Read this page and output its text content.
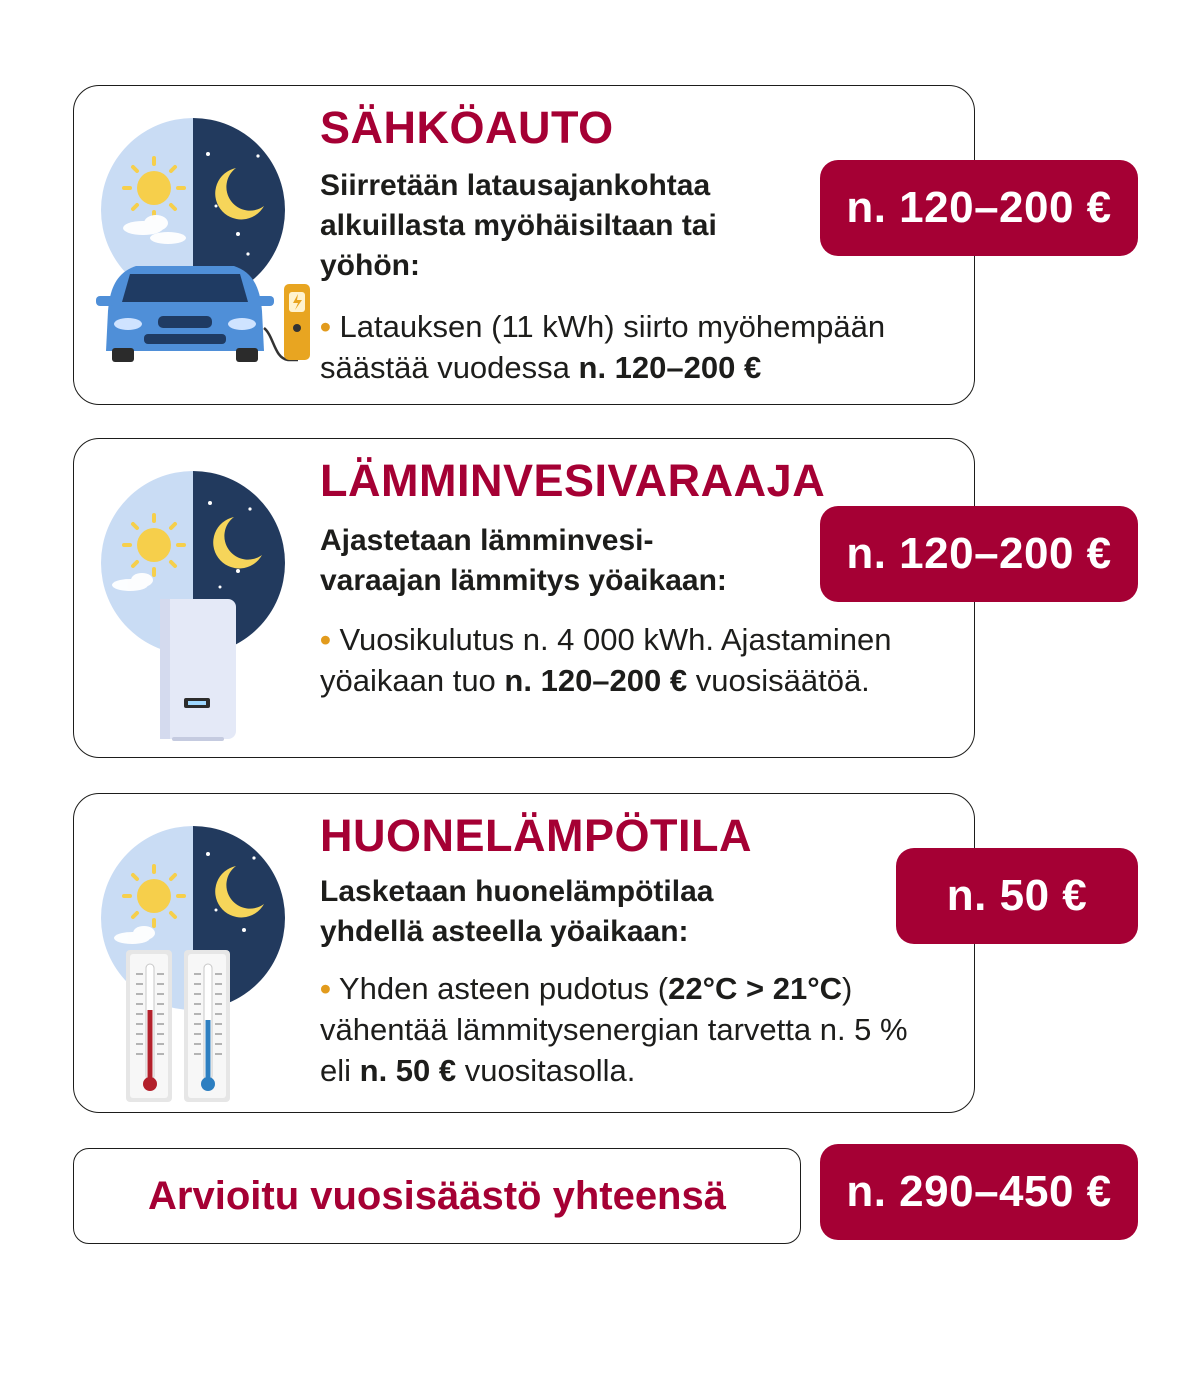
SÄHKÖAUTO

Siirretään latausajankohtaa alkuillasta myöhäisiltaan tai yöhön:

• Latauksen (11 kWh) siirto myöhempään säästää vuodessa n. 120–200 €

n. 120–200 €
LÄMMINVESIVARAAJA

Ajastetaan lämminvesi-varaajan lämmitys yöaikaan:

• Vuosikulutus n. 4 000 kWh. Ajastaminen yöaikaan tuo n. 120–200 € vuosisäätöä.

n. 120–200 €
HUONELÄMPÖTILA

Lasketaan huonelämpötilaa yhdellä asteella yöaikaan:

• Yhden asteen pudotus (22°C > 21°C) vähentää lämmitysenergian tarvetta n. 5 % eli n. 50 € vuositasolla.

n. 50 €
Arvioitu vuosisäästö yhteensä	n. 290–450 €
